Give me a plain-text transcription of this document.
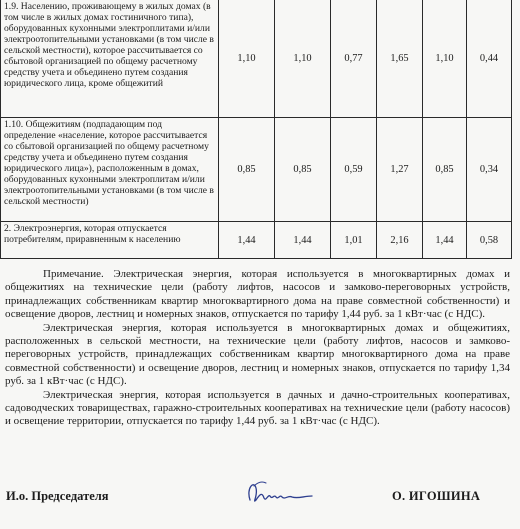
1.9. Населению, проживающему в жилых домах (в том числе в жилых домах гостиничного типа), оборудованных кухонными электроплитами и/или электроотопительными установками (в том числе в сельской местности), которое рассчитывается со сбытовой организацией по общему расчетному средству учета и объединено путем создания юридического лица, кроме общежитий	1,10	1,10	0,77	1,65	1,10	0,44
1.10. Общежитиям (подпадающим под определение «население, которое рассчитывается со сбытовой организацией по общему расчетному средству учета и объединено путем создания юридического лица»), расположенным в домах, оборудованных кухонными электроплитам и/или электроотопительными установками (в том числе в сельской местности)	0,85	0,85	0,59	1,27	0,85	0,34
2. Электроэнергия, которая отпускается потребителям, приравненным к населению	1,44	1,44	1,01	2,16	1,44	0,58

Примечание. Электрическая энергия, которая используется в многоквартирных домах и общежитиях на технические цели (работу лифтов, насосов и замково-переговорных устройств, принадлежащих собственникам квартир многоквартирного дома на праве совместной собственности) и освещение дворов, лестниц и номерных знаков, отпускается по тарифу 1,44 руб. за 1 кВт·час (с НДС).

Электрическая энергия, которая используется в многоквартирных домах и общежитиях, расположенных в сельской местности, на технические цели (работу лифтов, насосов и замково-переговорных устройств, принадлежащих собственникам квартир многоквартирного дома на праве совместной собственности) и освещение дворов, лестниц и номерных знаков, отпускается по тарифу 1,34 руб. за 1 кВт·час (с НДС).

Электрическая энергия, которая используется в дачных и дачно-строительных кооперативах, садоводческих товариществах, гаражно-строительных кооперативах на технические цели (работу насосов) и освещение территории, отпускается по тарифу 1,44 руб. за 1 кВт·час (с НДС).

И.о. Председателя	О. ИГОШИНА
